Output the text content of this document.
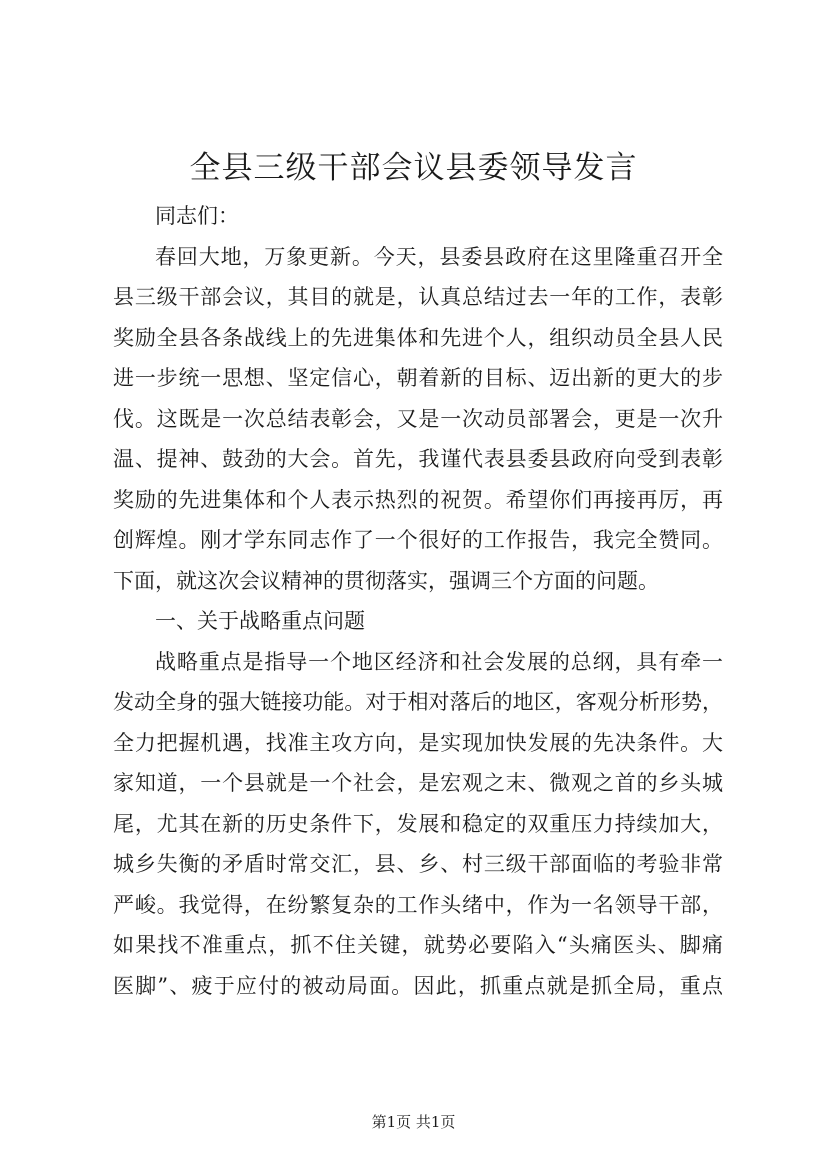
全县三级干部会议县委领导发言
同志们：
春回大地，万象更新。今天，县委县政府在这里隆重召开全
县三级干部会议，其目的就是，认真总结过去一年的工作，表彰
奖励全县各条战线上的先进集体和先进个人，组织动员全县人民
进一步统一思想、坚定信心，朝着新的目标、迈出新的更大的步
伐。这既是一次总结表彰会，又是一次动员部署会，更是一次升
温、提神、鼓劲的大会。首先，我谨代表县委县政府向受到表彰
奖励的先进集体和个人表示热烈的祝贺。希望你们再接再厉，再
创辉煌。刚才学东同志作了一个很好的工作报告，我完全赞同。
下面，就这次会议精神的贯彻落实，强调三个方面的问题。
一、关于战略重点问题
战略重点是指导一个地区经济和社会发展的总纲，具有牵一
发动全身的强大链接功能。对于相对落后的地区，客观分析形势，
全力把握机遇，找准主攻方向，是实现加快发展的先决条件。大
家知道，一个县就是一个社会，是宏观之末、微观之首的乡头城
尾，尤其在新的历史条件下，发展和稳定的双重压力持续加大，
城乡失衡的矛盾时常交汇，县、乡、村三级干部面临的考验非常
严峻。我觉得，在纷繁复杂的工作头绪中，作为一名领导干部，
如果找不准重点，抓不住关键，就势必要陷入“头痛医头、脚痛
医脚”、疲于应付的被动局面。因此，抓重点就是抓全局，重点
第1页 共1页
